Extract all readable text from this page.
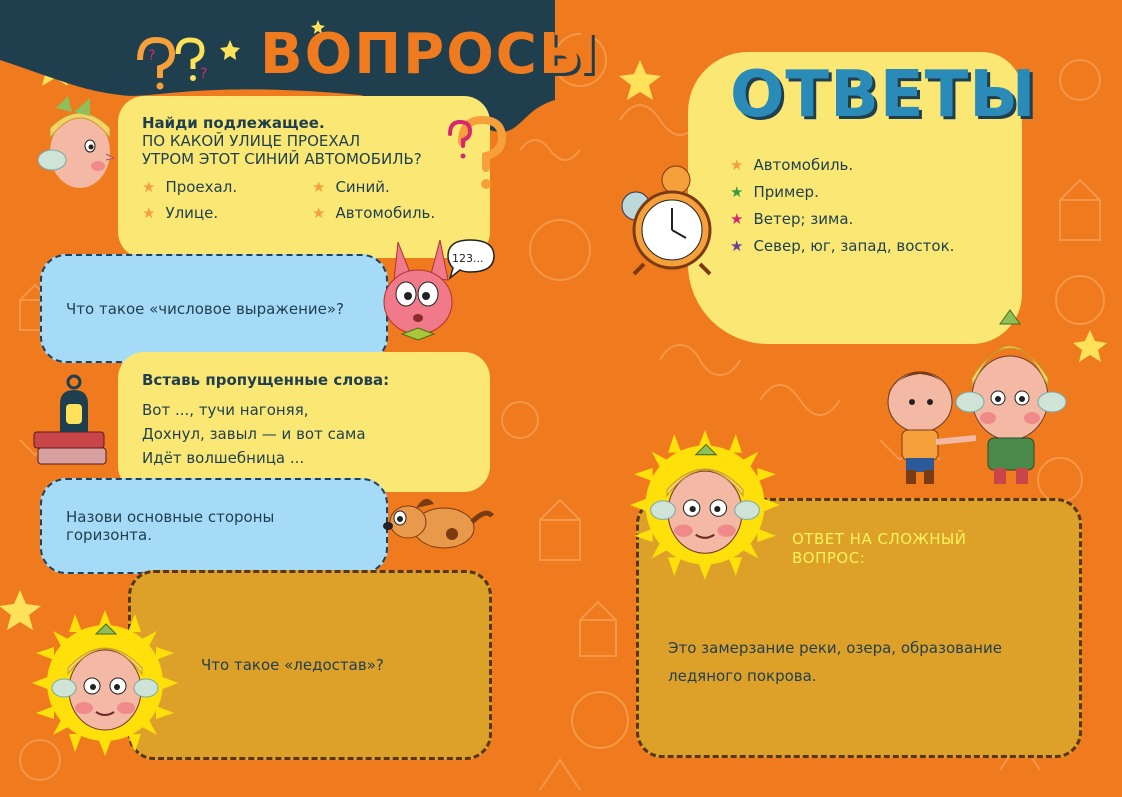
?
? ВОПРОСЫ
Найди подлежащее.
ПО КАКОЙ УЛИЦЕ ПРОЕХАЛ
УТРОМ ЭТОТ СИНИЙ АВТОМОБИЛЬ?
★ Проехал.	★ Синий.
★ Улице.	★ Автомобиль.
Что такое «числовое выражение»?
123...
Вставь пропущенные слова:
Вот ..., тучи нагоняя,
Дохнул, завыл — и вот сама
Идёт волшебница ...
Назови основные стороны горизонта.
Что такое «ледостав»?
ОТВЕТЫ
★ Автомобиль.
★ Пример.
★ Ветер; зима.
★ Север, юг, запад, восток.
ОТВЕТ НА СЛОЖНЫЙ
ВОПРОС:
Это замерзание реки, озера, образование ледяного покрова.
